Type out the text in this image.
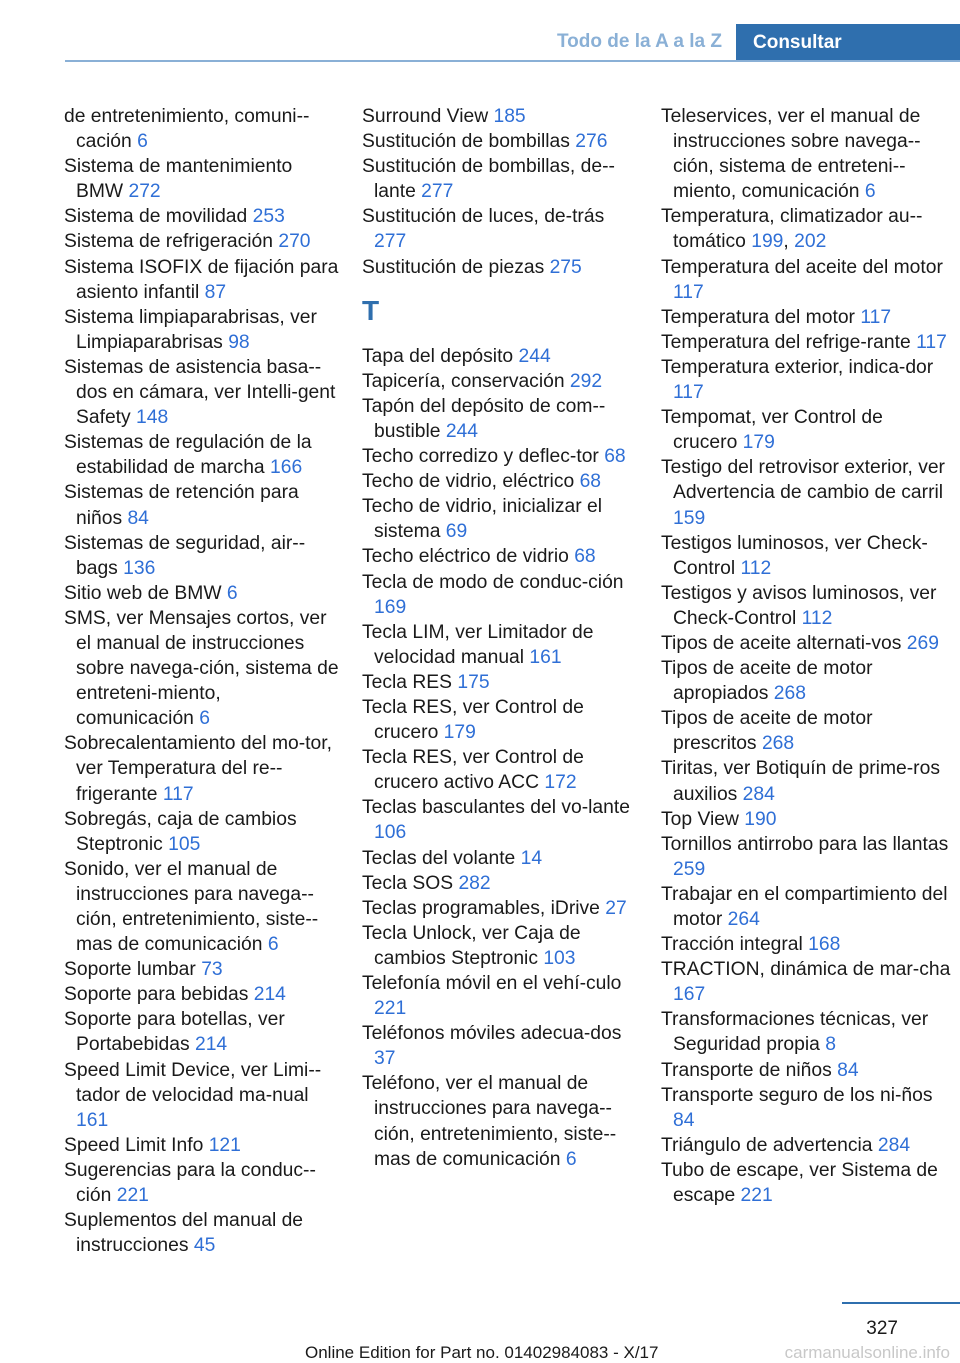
Todo de la A a la Z	Consultar
de entretenimiento, comuni-cación 6
Sistema de mantenimiento BMW 272
Sistema de movilidad 253
Sistema de refrigeración 270
Sistema ISOFIX de fijación para asiento infantil 87
Sistema limpiaparabrisas, ver Limpiaparabrisas 98
Sistemas de asistencia basa-dos en cámara, ver Intelli-gent Safety 148
Sistemas de regulación de la estabilidad de marcha 166
Sistemas de retención para niños 84
Sistemas de seguridad, air-bags 136
Sitio web de BMW 6
SMS, ver Mensajes cortos, ver el manual de instrucciones sobre navega-ción, sistema de entreteni-miento, comunicación 6
Sobrecalentamiento del mo-tor, ver Temperatura del re-frigerante 117
Sobregás, caja de cambios Steptronic 105
Sonido, ver el manual de instrucciones para navega-ción, entretenimiento, siste-mas de comunicación 6
Soporte lumbar 73
Soporte para bebidas 214
Soporte para botellas, ver Portabebidas 214
Speed Limit Device, ver Limi-tador de velocidad ma-nual 161
Speed Limit Info 121
Sugerencias para la conduc-ción 221
Suplementos del manual de instrucciones 45
Surround View 185
Sustitución de bombillas 276
Sustitución de bombillas, de-lante 277
Sustitución de luces, de-trás 277
Sustitución de piezas 275
T
Tapa del depósito 244
Tapicería, conservación 292
Tapón del depósito de com-bustible 244
Techo corredizo y deflec-tor 68
Techo de vidrio, eléctrico 68
Techo de vidrio, inicializar el sistema 69
Techo eléctrico de vidrio 68
Tecla de modo de conduc-ción 169
Tecla LIM, ver Limitador de velocidad manual 161
Tecla RES 175
Tecla RES, ver Control de crucero 179
Tecla RES, ver Control de crucero activo ACC 172
Teclas basculantes del vo-lante 106
Teclas del volante 14
Tecla SOS 282
Teclas programables, iDrive 27
Tecla Unlock, ver Caja de cambios Steptronic 103
Telefonía móvil en el vehí-culo 221
Teléfonos móviles adecua-dos 37
Teléfono, ver el manual de instrucciones para navega-ción, entretenimiento, siste-mas de comunicación 6
Teleservices, ver el manual de instrucciones sobre navega-ción, sistema de entreteni-miento, comunicación 6
Temperatura, climatizador au-tomático 199, 202
Temperatura del aceite del motor 117
Temperatura del motor 117
Temperatura del refrige-rante 117
Temperatura exterior, indica-dor 117
Tempomat, ver Control de crucero 179
Testigo del retrovisor exterior, ver Advertencia de cambio de carril 159
Testigos luminosos, ver Check-Control 112
Testigos y avisos luminosos, ver Check-Control 112
Tipos de aceite alternati-vos 269
Tipos de aceite de motor apropiados 268
Tipos de aceite de motor prescritos 268
Tiritas, ver Botiquín de prime-ros auxilios 284
Top View 190
Tornillos antirrobo para las llantas 259
Trabajar en el compartimiento del motor 264
Tracción integral 168
TRACTION, dinámica de mar-cha 167
Transformaciones técnicas, ver Seguridad propia 8
Transporte de niños 84
Transporte seguro de los ni-ños 84
Triángulo de advertencia 284
Tubo de escape, ver Sistema de escape 221
327
Online Edition for Part no. 01402984083 - X/17	carmanualsonline.info
